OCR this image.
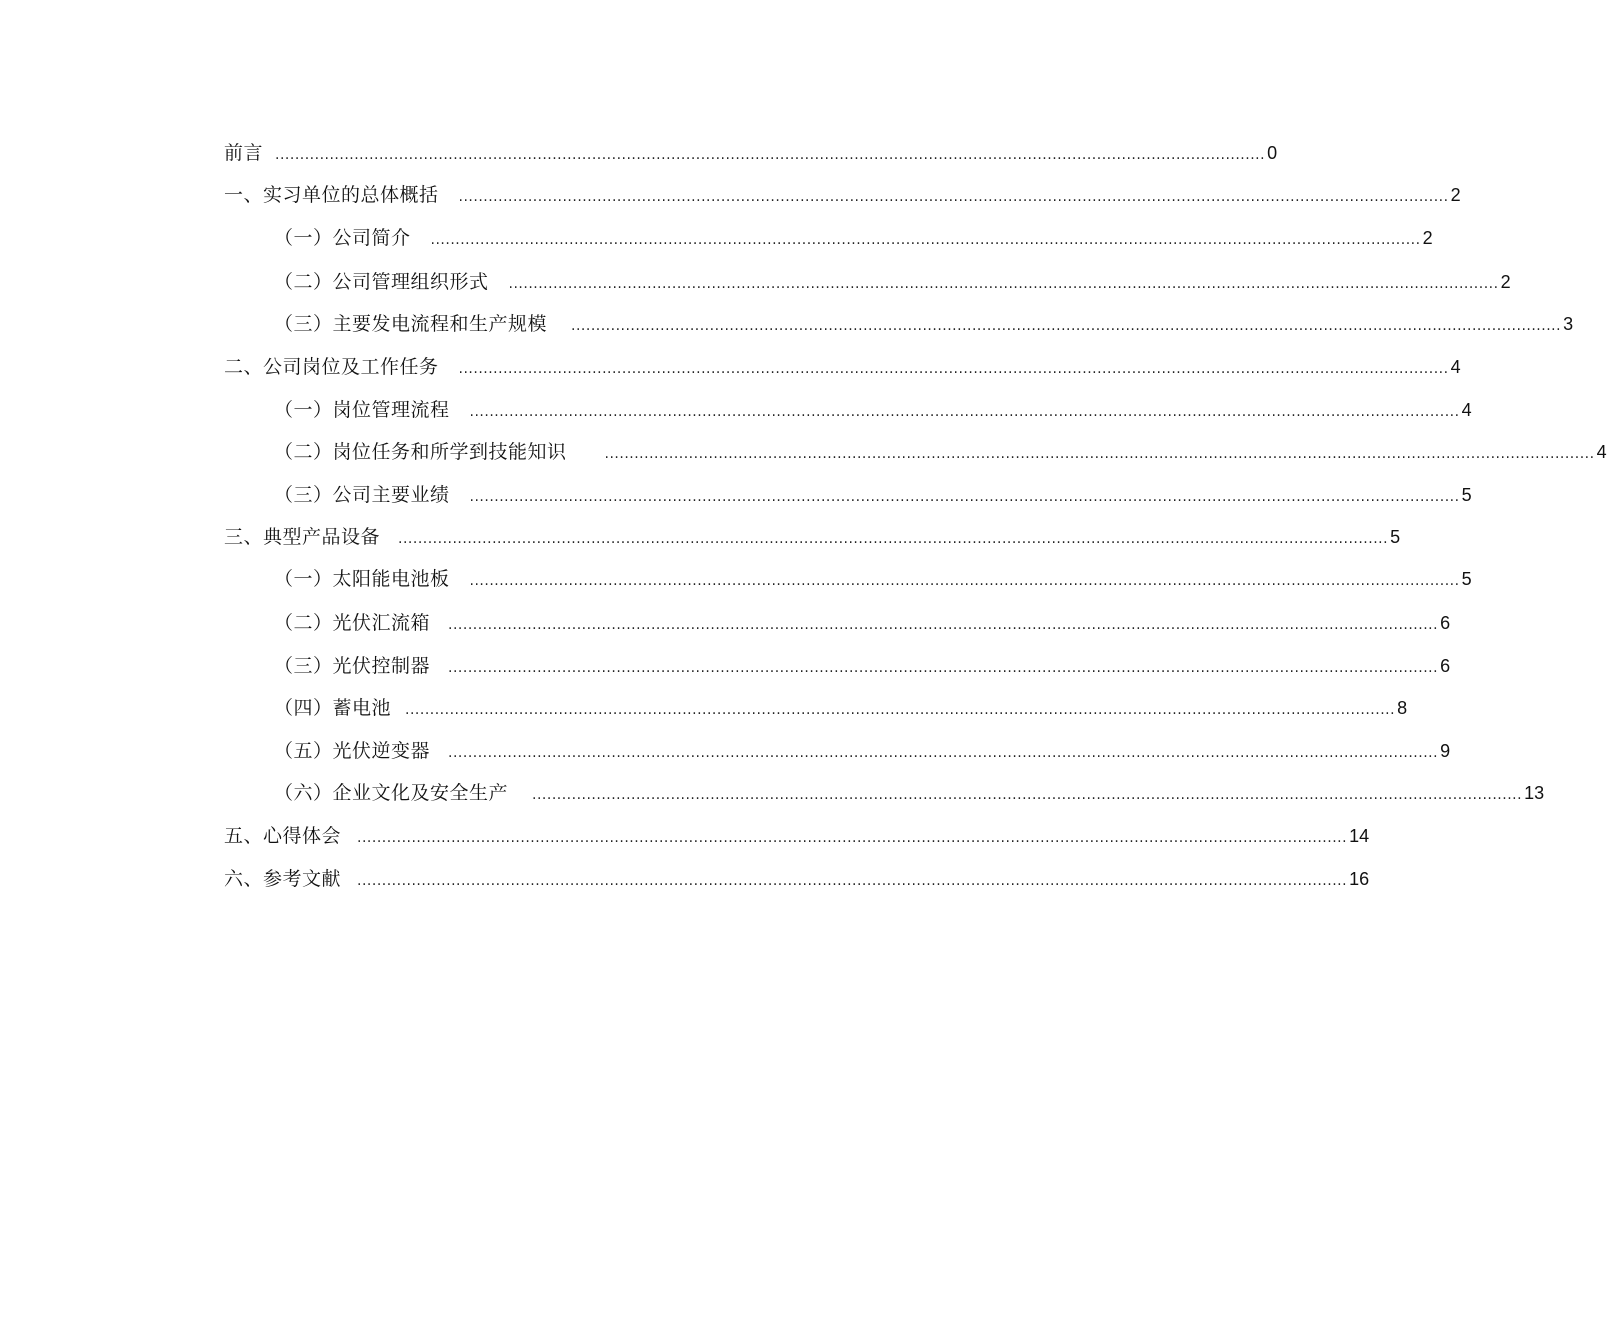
前言 ........................................................................................................................................................................................................ 0
一、实习单位的总体概括	........................................................................................................................................................................................................ 2
（一）公司简介	........................................................................................................................................................................................................ 2
（二）公司管理组织形式	........................................................................................................................................................................................................ 2
（三）主要发电流程和生产规模	........................................................................................................................................................................................................ 3
二、公司岗位及工作任务	........................................................................................................................................................................................................ 4
（一）岗位管理流程	........................................................................................................................................................................................................ 4
（二）岗位任务和所学到技能知识	........................................................................................................................................................................................................ 4
（三）公司主要业绩	........................................................................................................................................................................................................ 5
三、典型产品设备	........................................................................................................................................................................................................ 5
（一）太阳能电池板	........................................................................................................................................................................................................ 5
（二）光伏汇流箱	........................................................................................................................................................................................................ 6
（三）光伏控制器	........................................................................................................................................................................................................ 6
（四）蓄电池	........................................................................................................................................................................................................ 8
（五）光伏逆变器	........................................................................................................................................................................................................ 9
（六）企业文化及安全生产	........................................................................................................................................................................................................ 13
五、心得体会	........................................................................................................................................................................................................ 14
六、参考文献	........................................................................................................................................................................................................ 16
